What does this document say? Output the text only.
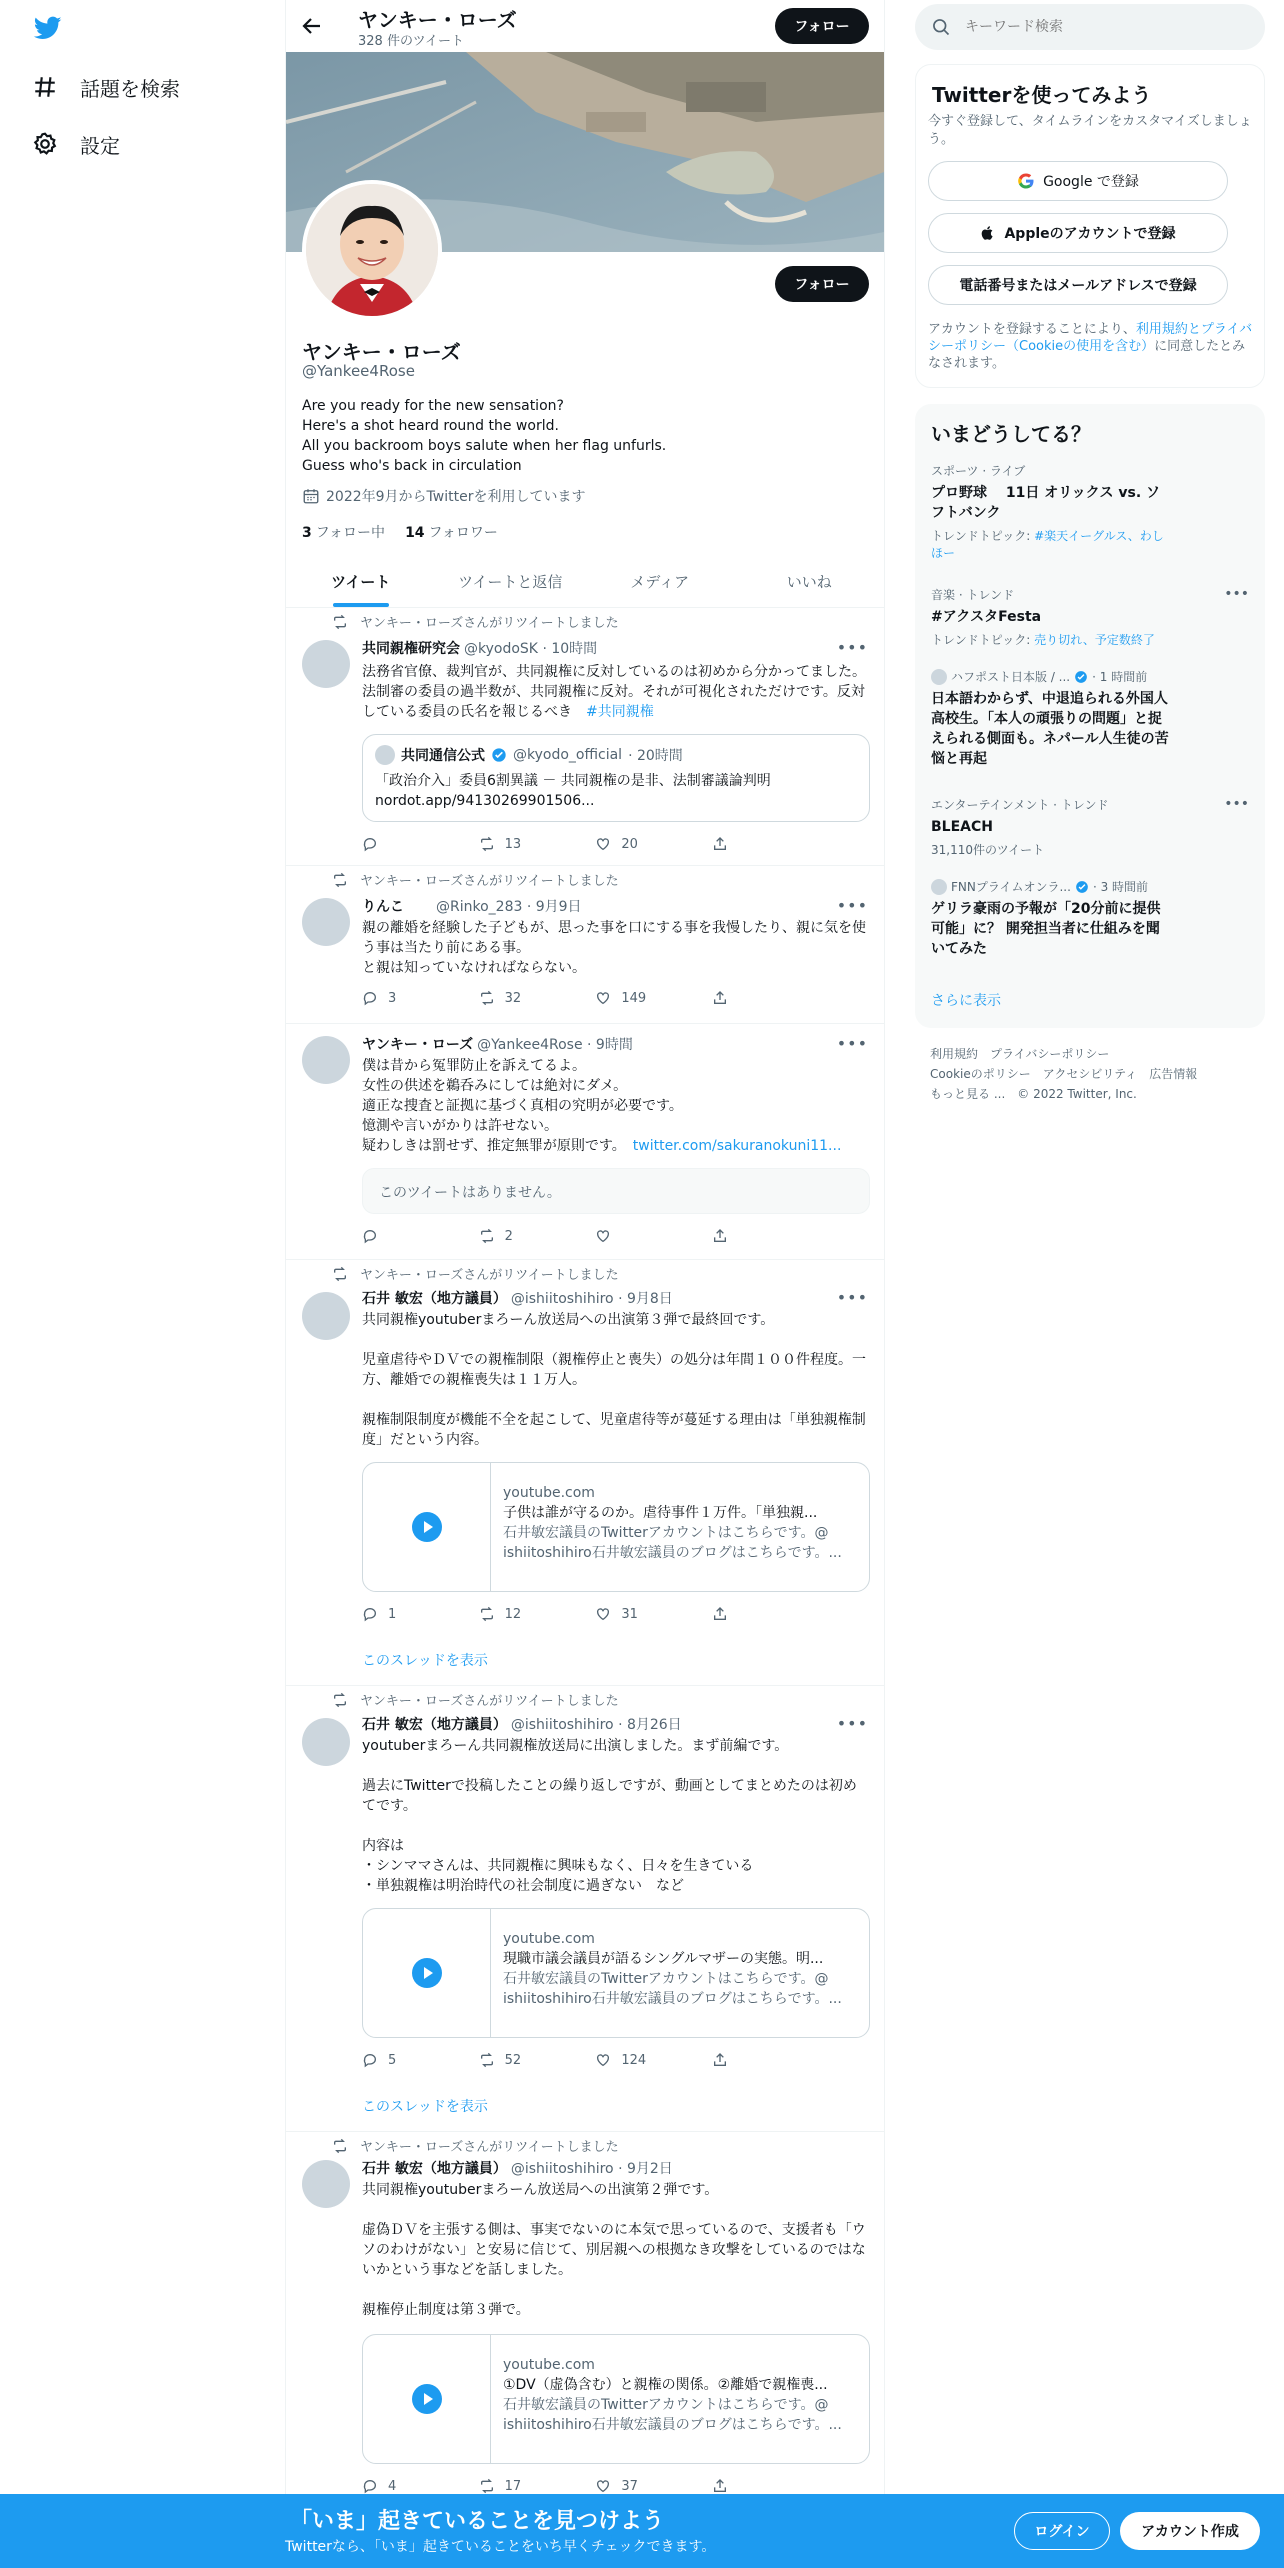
話題を検索
設定
ヤンキー・ローズ
328 件のツイート
フォロー
フォロー
ヤンキー・ローズ
@Yankee4Rose
Are you ready for the new sensation?
Here's a shot heard round the world.
All you backroom boys salute when her flag unfurls.
Guess who's back in circulation
2022年9月からTwitterを利用しています
3 フォロー中 14 フォロワー
ツイート	ツイートと返信	メディア	いいね
ヤンキー・ローズさんがリツイートしました
共同親権研究会 @kyodoSK · 10時間	•••
法務省官僚、裁判官が、共同親権に反対しているのは初めから分かってました。法制審の委員の過半数が、共同親権に反対。それが可視化されただけです。反対している委員の氏名を報じるべき　 #共同親権
共同通信公式 @kyodo_official · 20時間
「政治介入」委員6割異議 － 共同親権の是非、法制審議論判明
nordot.app/94130269901506...
13	20
ヤンキー・ローズさんがリツイートしました
りんこ　　 @Rinko_283 · 9月9日	•••
親の離婚を経験した子どもが、思った事を口にする事を我慢したり、親に気を使う事は当たり前にある事。
と親は知っていなければならない。
3	32	149
ヤンキー・ローズ @Yankee4Rose · 9時間	•••
僕は昔から冤罪防止を訴えてるよ。
女性の供述を鵜呑みにしては絶対にダメ。
適正な捜査と証拠に基づく真相の究明が必要です。
憶測や言いがかりは許せない。
疑わしきは罰せず、推定無罪が原則です。　 twitter.com/sakuranokuni11...
このツイートはありません。
2
ヤンキー・ローズさんがリツイートしました
石井 敏宏（地方議員） @ishiitoshihiro · 9月8日	•••
共同親権youtuberまろーん放送局への出演第３弾で最終回です。

児童虐待やＤＶでの親権制限（親権停止と喪失）の処分は年間１００件程度。一方、離婚での親権喪失は１１万人。

親権制限制度が機能不全を起こして、児童虐待等が蔓延する理由は「単独親権制度」だという内容。
youtube.com
子供は誰が守るのか。虐待事件１万件。「単独親...
石井敏宏議員のTwitterアカウントはこちらです。@
ishiitoshihiro石井敏宏議員のブログはこちらです。...
1	12	31
このスレッドを表示
ヤンキー・ローズさんがリツイートしました
石井 敏宏（地方議員） @ishiitoshihiro · 8月26日	•••
youtuberまろーん共同親権放送局に出演しました。まず前編です。

過去にTwitterで投稿したことの繰り返しですが、動画としてまとめたのは初めてです。

内容は
・シンママさんは、共同親権に興味もなく、日々を生きている
・単独親権は明治時代の社会制度に過ぎない　など
youtube.com
現職市議会議員が語るシングルマザーの実態。明...
石井敏宏議員のTwitterアカウントはこちらです。@
ishiitoshihiro石井敏宏議員のブログはこちらです。...
5	52	124
このスレッドを表示
ヤンキー・ローズさんがリツイートしました
石井 敏宏（地方議員） @ishiitoshihiro · 9月2日
共同親権youtuberまろーん放送局への出演第２弾です。

虚偽ＤＶを主張する側は、事実でないのに本気で思っているので、支援者も「ウソのわけがない」と安易に信じて、別居親への根拠なき攻撃をしているのではないかという事などを話しました。

親権停止制度は第３弾で。
youtube.com
①DV（虚偽含む）と親権の関係。②離婚で親権喪...
石井敏宏議員のTwitterアカウントはこちらです。@
ishiitoshihiro石井敏宏議員のブログはこちらです。...
4	17	37
キーワード検索
Twitterを使ってみよう
今すぐ登録して、タイムラインをカスタマイズしましょう。
Google で登録
Appleのアカウントで登録
電話番号またはメールアドレスで登録
アカウントを登録することにより、利用規約とプライバシーポリシー（Cookieの使用を含む）に同意したとみなされます。
いまどうしてる？
スポーツ · ライブ
プロ野球　 11日 オリックス vs. ソフトバンク
トレンドトピック: #楽天イーグルス、わしほー
音楽 · トレンド	•••
#アクスタFesta
トレンドトピック: 売り切れ、予定数終了
ハフポスト日本版 / ... · 1 時間前
日本語わからず、中退追られる外国人高校生。「本人の頑張りの問題」と捉えられる側面も。ネパール人生徒の苦悩と再起
エンターテインメント · トレンド	•••
BLEACH
31,110件のツイート
FNNプライムオンラ... · 3 時間前
ゲリラ豪雨の予報が「20分前に提供可能」に？ 開発担当者に仕組みを聞いてみた
さらに表示
利用規約 プライバシーポリシー
Cookieのポリシー アクセシビリティ 広告情報
もっと見る ... © 2022 Twitter, Inc.
「いま」起きていることを見つけよう
Twitterなら、「いま」起きていることをいち早くチェックできます。
ログイン	アカウント作成
